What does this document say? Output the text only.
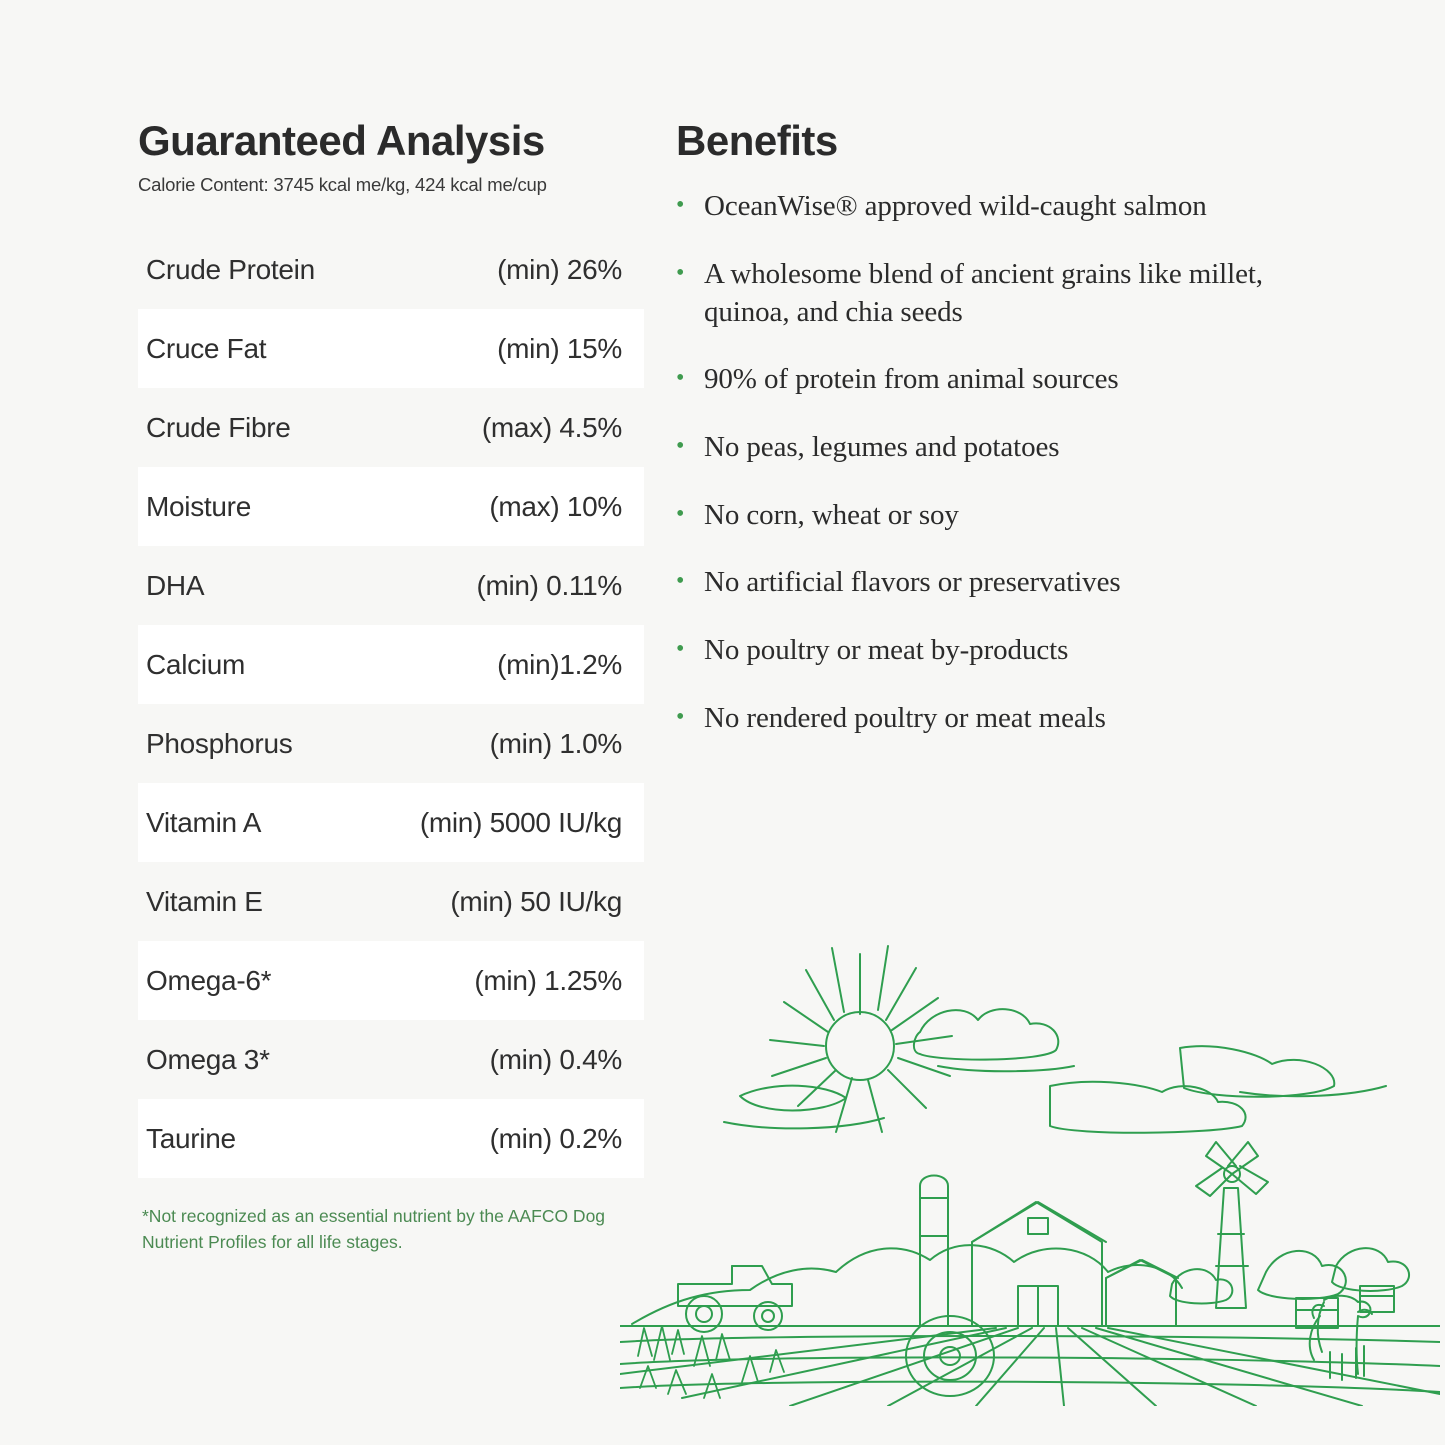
Guaranteed Analysis
Calorie Content: 3745 kcal me/kg, 424 kcal me/cup
Crude Protein	(min) 26%
Cruce Fat	(min) 15%
Crude Fibre	(max) 4.5%
Moisture	(max) 10%
DHA	(min) 0.11%
Calcium	(min)1.2%
Phosphorus	(min) 1.0%
Vitamin A	(min) 5000 IU/kg
Vitamin E	(min) 50 IU/kg
Omega-6*	(min) 1.25%
Omega 3*	(min) 0.4%
Taurine	(min) 0.2%
*Not recognized as an essential nutrient by the AAFCO Dog Nutrient Profiles for all life stages.
Benefits
• OceanWise® approved wild-caught salmon
• A wholesome blend of ancient grains like millet, quinoa, and chia seeds
• 90% of protein from animal sources
• No peas, legumes and potatoes
• No corn, wheat or soy
• No artificial flavors or preservatives
• No poultry or meat by-products
• No rendered poultry or meat meals
